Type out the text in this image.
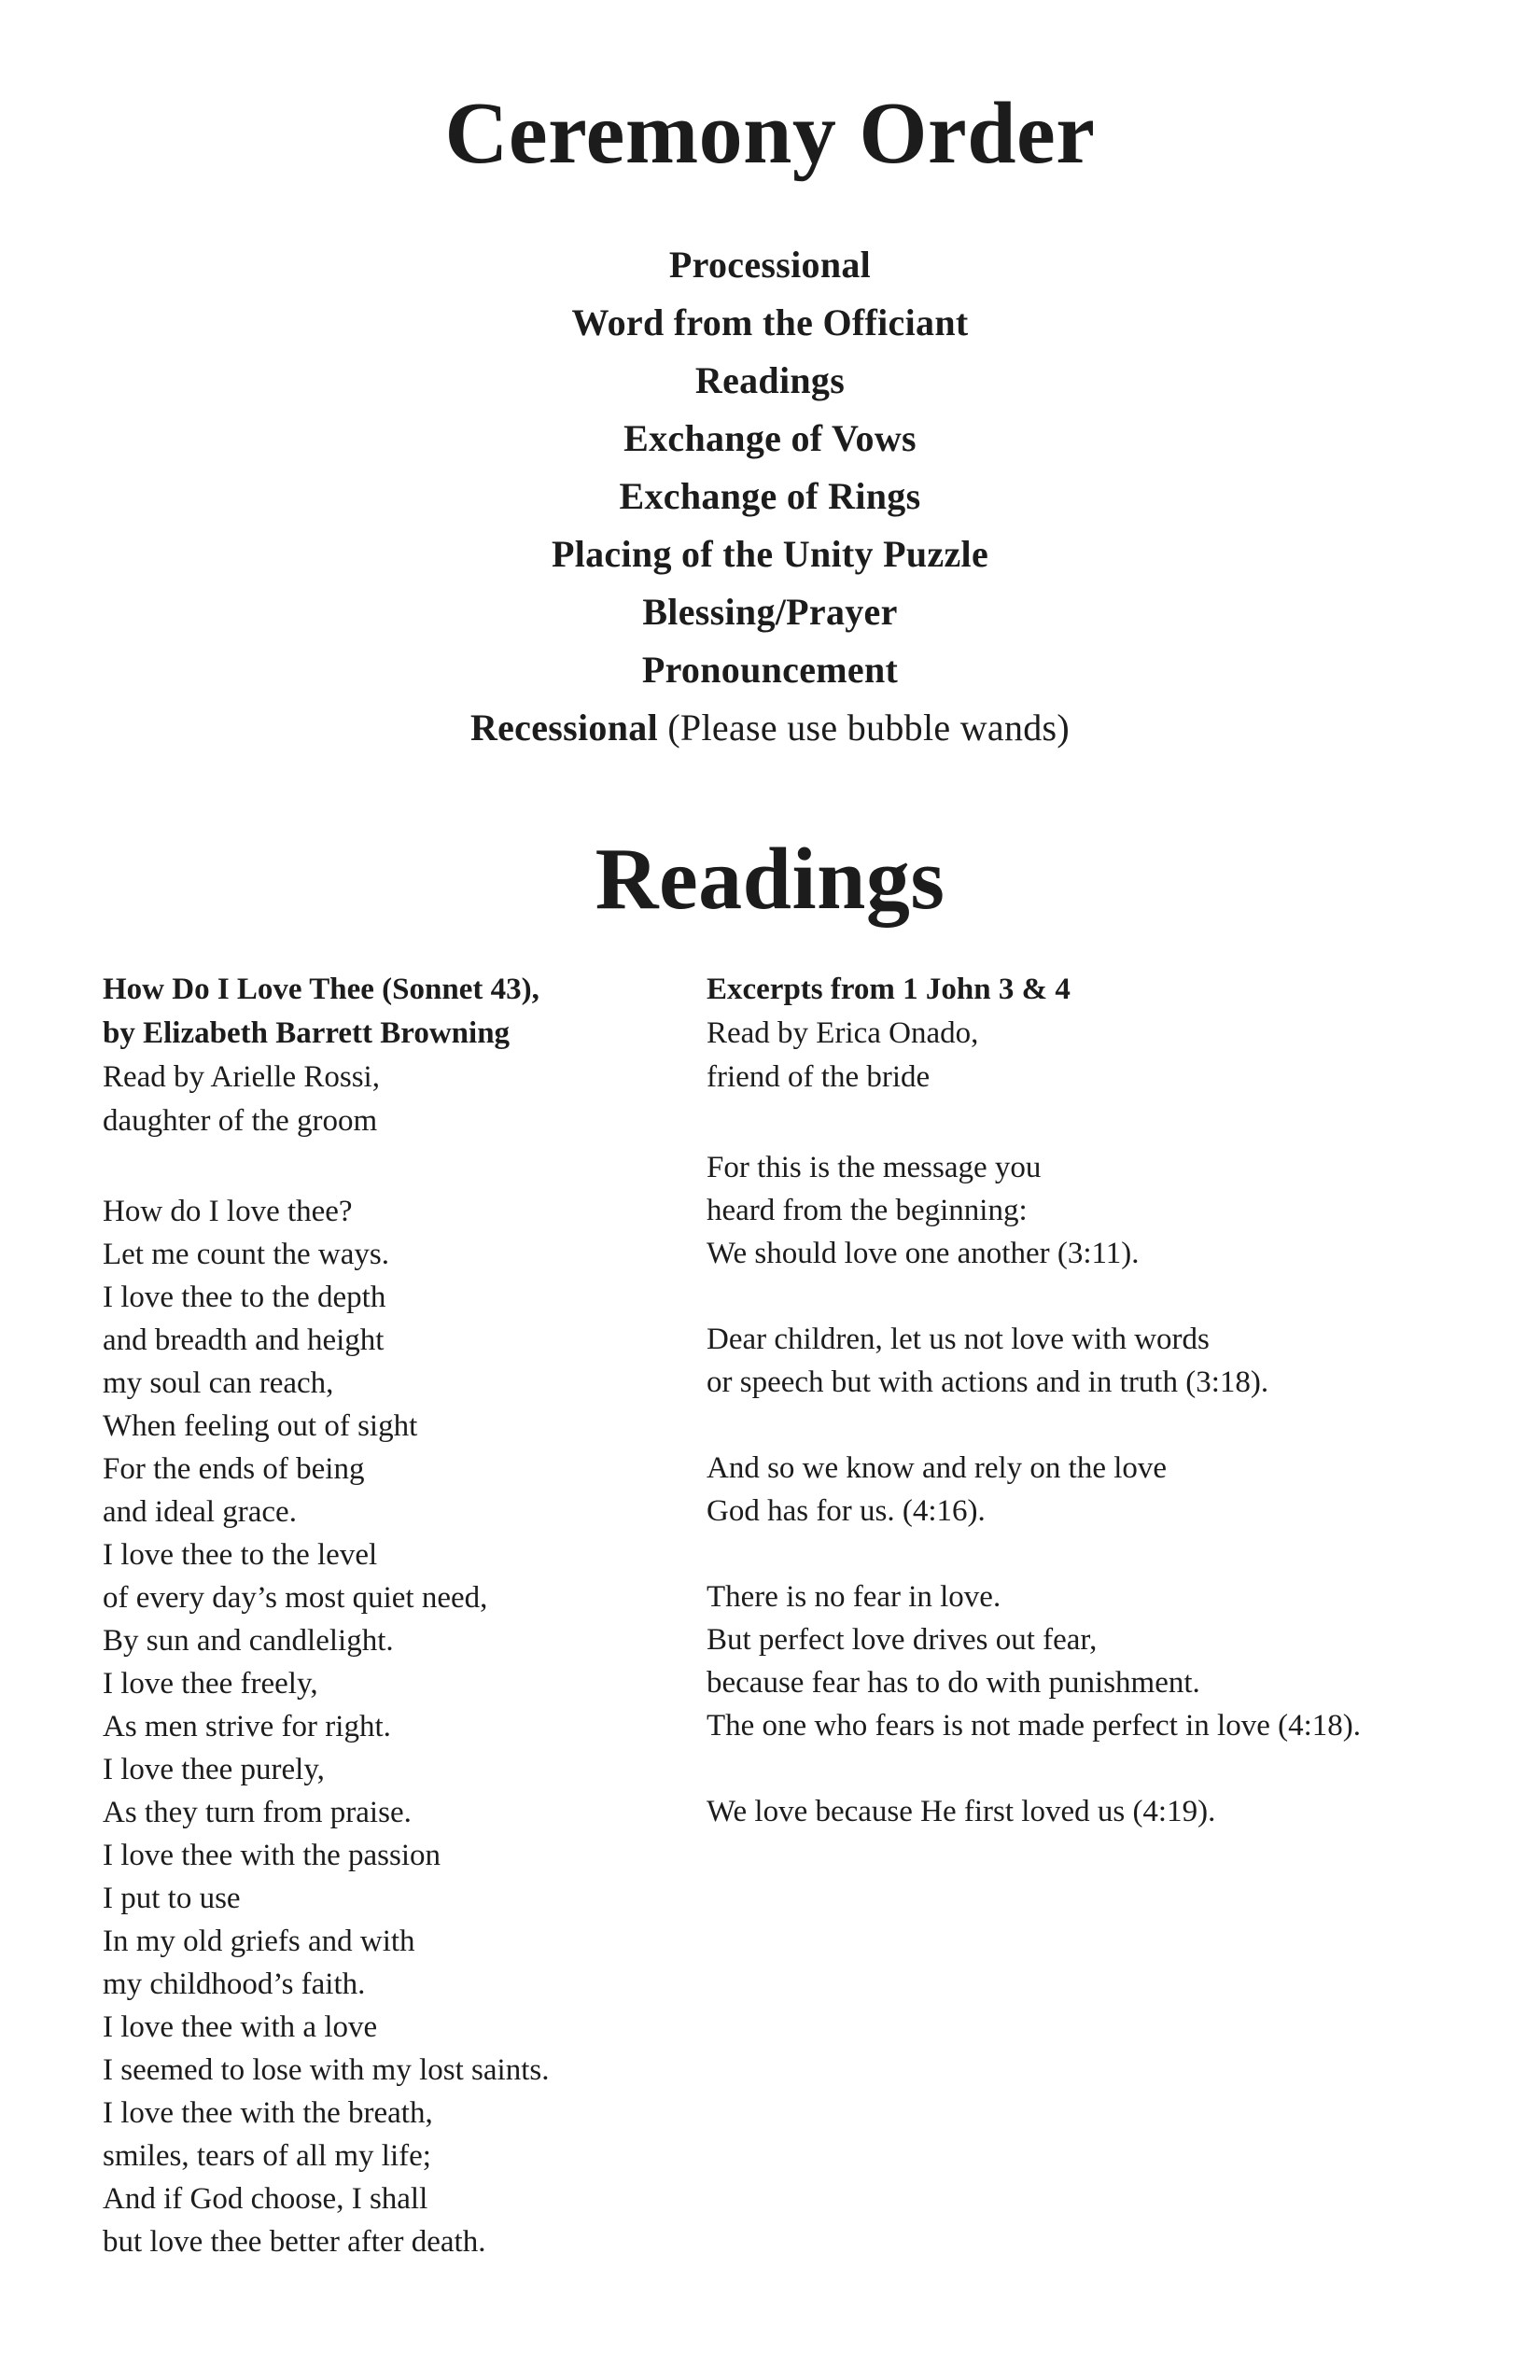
Ceremony Order
Processional
Word from the Officiant
Readings
Exchange of Vows
Exchange of Rings
Placing of the Unity Puzzle
Blessing/Prayer
Pronouncement
Recessional (Please use bubble wands)
Readings
How Do I Love Thee (Sonnet 43),
by Elizabeth Barrett Browning
Read by Arielle Rossi,
daughter of the groom
How do I love thee?
Let me count the ways.
I love thee to the depth
and breadth and height
my soul can reach,
When feeling out of sight
For the ends of being
and ideal grace.
I love thee to the level
of every day’s most quiet need,
By sun and candlelight.
I love thee freely,
As men strive for right.
I love thee purely,
As they turn from praise.
I love thee with the passion
I put to use
In my old griefs and with
my childhood’s faith.
I love thee with a love
I seemed to lose with my lost saints.
I love thee with the breath,
smiles, tears of all my life;
And if God choose, I shall
but love thee better after death.
Excerpts from 1 John 3 & 4
Read by Erica Onado,
friend of the bride
For this is the message you
heard from the beginning:
We should love one another (3:11).
Dear children, let us not love with words
or speech but with actions and in truth (3:18).
And so we know and rely on the love
God has for us. (4:16).
There is no fear in love.
But perfect love drives out fear,
because fear has to do with punishment.
The one who fears is not made perfect in love (4:18).
We love because He first loved us (4:19).
